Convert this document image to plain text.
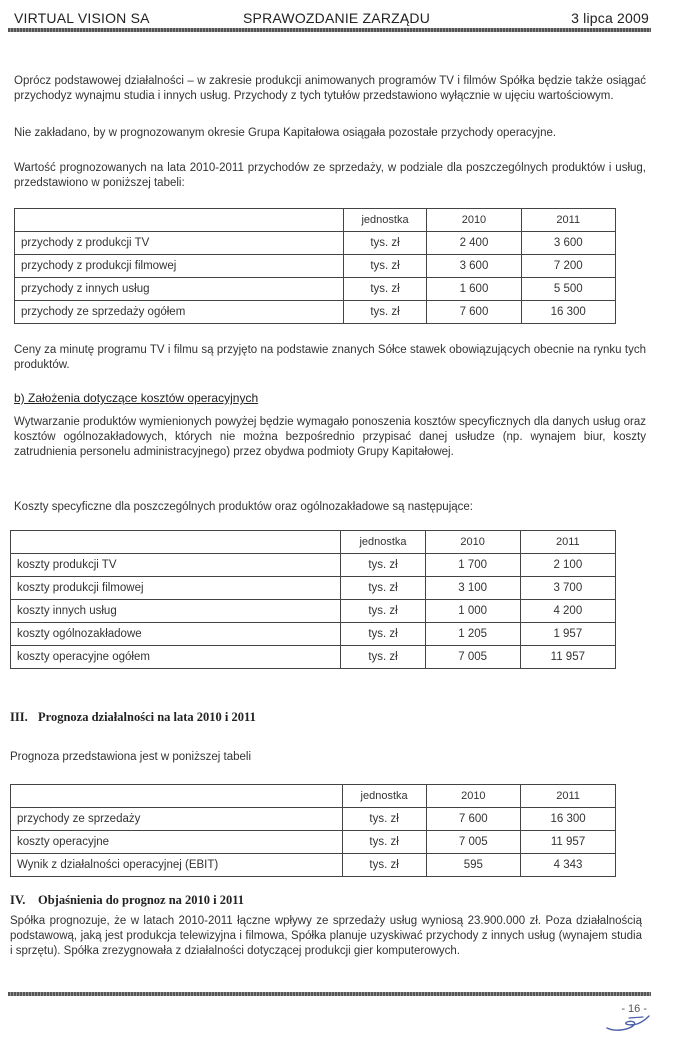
VIRTUAL VISION SA	SPRAWOZDANIE ZARZĄDU	3 lipca 2009
Oprócz podstawowej działalności – w zakresie produkcji animowanych programów TV i filmów Spółka będzie także osiągać przychodyz wynajmu studia i innych usług. Przychody z tych tytułów przedstawiono wyłącznie w ujęciu wartościowym.
Nie zakładano, by w prognozowanym okresie Grupa Kapitałowa osiągała pozostałe przychody operacyjne.
Wartość prognozowanych na lata 2010-2011 przychodów ze sprzedaży, w podziale dla poszczególnych produktów i usług, przedstawiono w poniższej tabeli:
	jednostka	2010	2011
przychody z produkcji TV	tys. zł	2 400	3 600
przychody z produkcji filmowej	tys. zł	3 600	7 200
przychody z innych usług	tys. zł	1 600	5 500
przychody ze sprzedaży ogółem	tys. zł	7 600	16 300
Ceny za minutę programu TV i filmu są przyjęto na podstawie znanych Sółce stawek obowiązujących obecnie na rynku tych produktów.
b) Założenia dotyczące kosztów operacyjnych
Wytwarzanie produktów wymienionych powyżej będzie wymagało ponoszenia kosztów specyficznych dla danych usług oraz kosztów ogólnozakładowych, których nie można bezpośrednio przypisać danej usłudze (np. wynajem biur, koszty zatrudnienia personelu administracyjnego) przez obydwa podmioty Grupy Kapitałowej.
Koszty specyficzne dla poszczególnych produktów oraz ogólnozakładowe są następujące:
	jednostka	2010	2011
koszty produkcji TV	tys. zł	1 700	2 100
koszty produkcji filmowej	tys. zł	3 100	3 700
koszty innych usług	tys. zł	1 000	4 200
koszty ogólnozakładowe	tys. zł	1 205	1 957
koszty operacyjne ogółem	tys. zł	7 005	11 957
III. Prognoza działalności na lata 2010 i 2011
Prognoza przedstawiona jest w poniższej tabeli
	jednostka	2010	2011
przychody ze sprzedaży	tys. zł	7 600	16 300
koszty operacyjne	tys. zł	7 005	11 957
Wynik z działalności operacyjnej (EBIT)	tys. zł	595	4 343
IV. Objaśnienia do prognoz na 2010 i 2011
Spółka prognozuje, że w latach 2010-2011 łączne wpływy ze sprzedaży usług wyniosą 23.900.000 zł. Poza działalnością podstawową, jaką jest produkcja telewizyjna i filmowa, Spółka planuje uzyskiwać przychody z innych usług (wynajem studia i sprzętu). Spółka zrezygnowała z działalności dotyczącej produkcji gier komputerowych.
- 16 -
